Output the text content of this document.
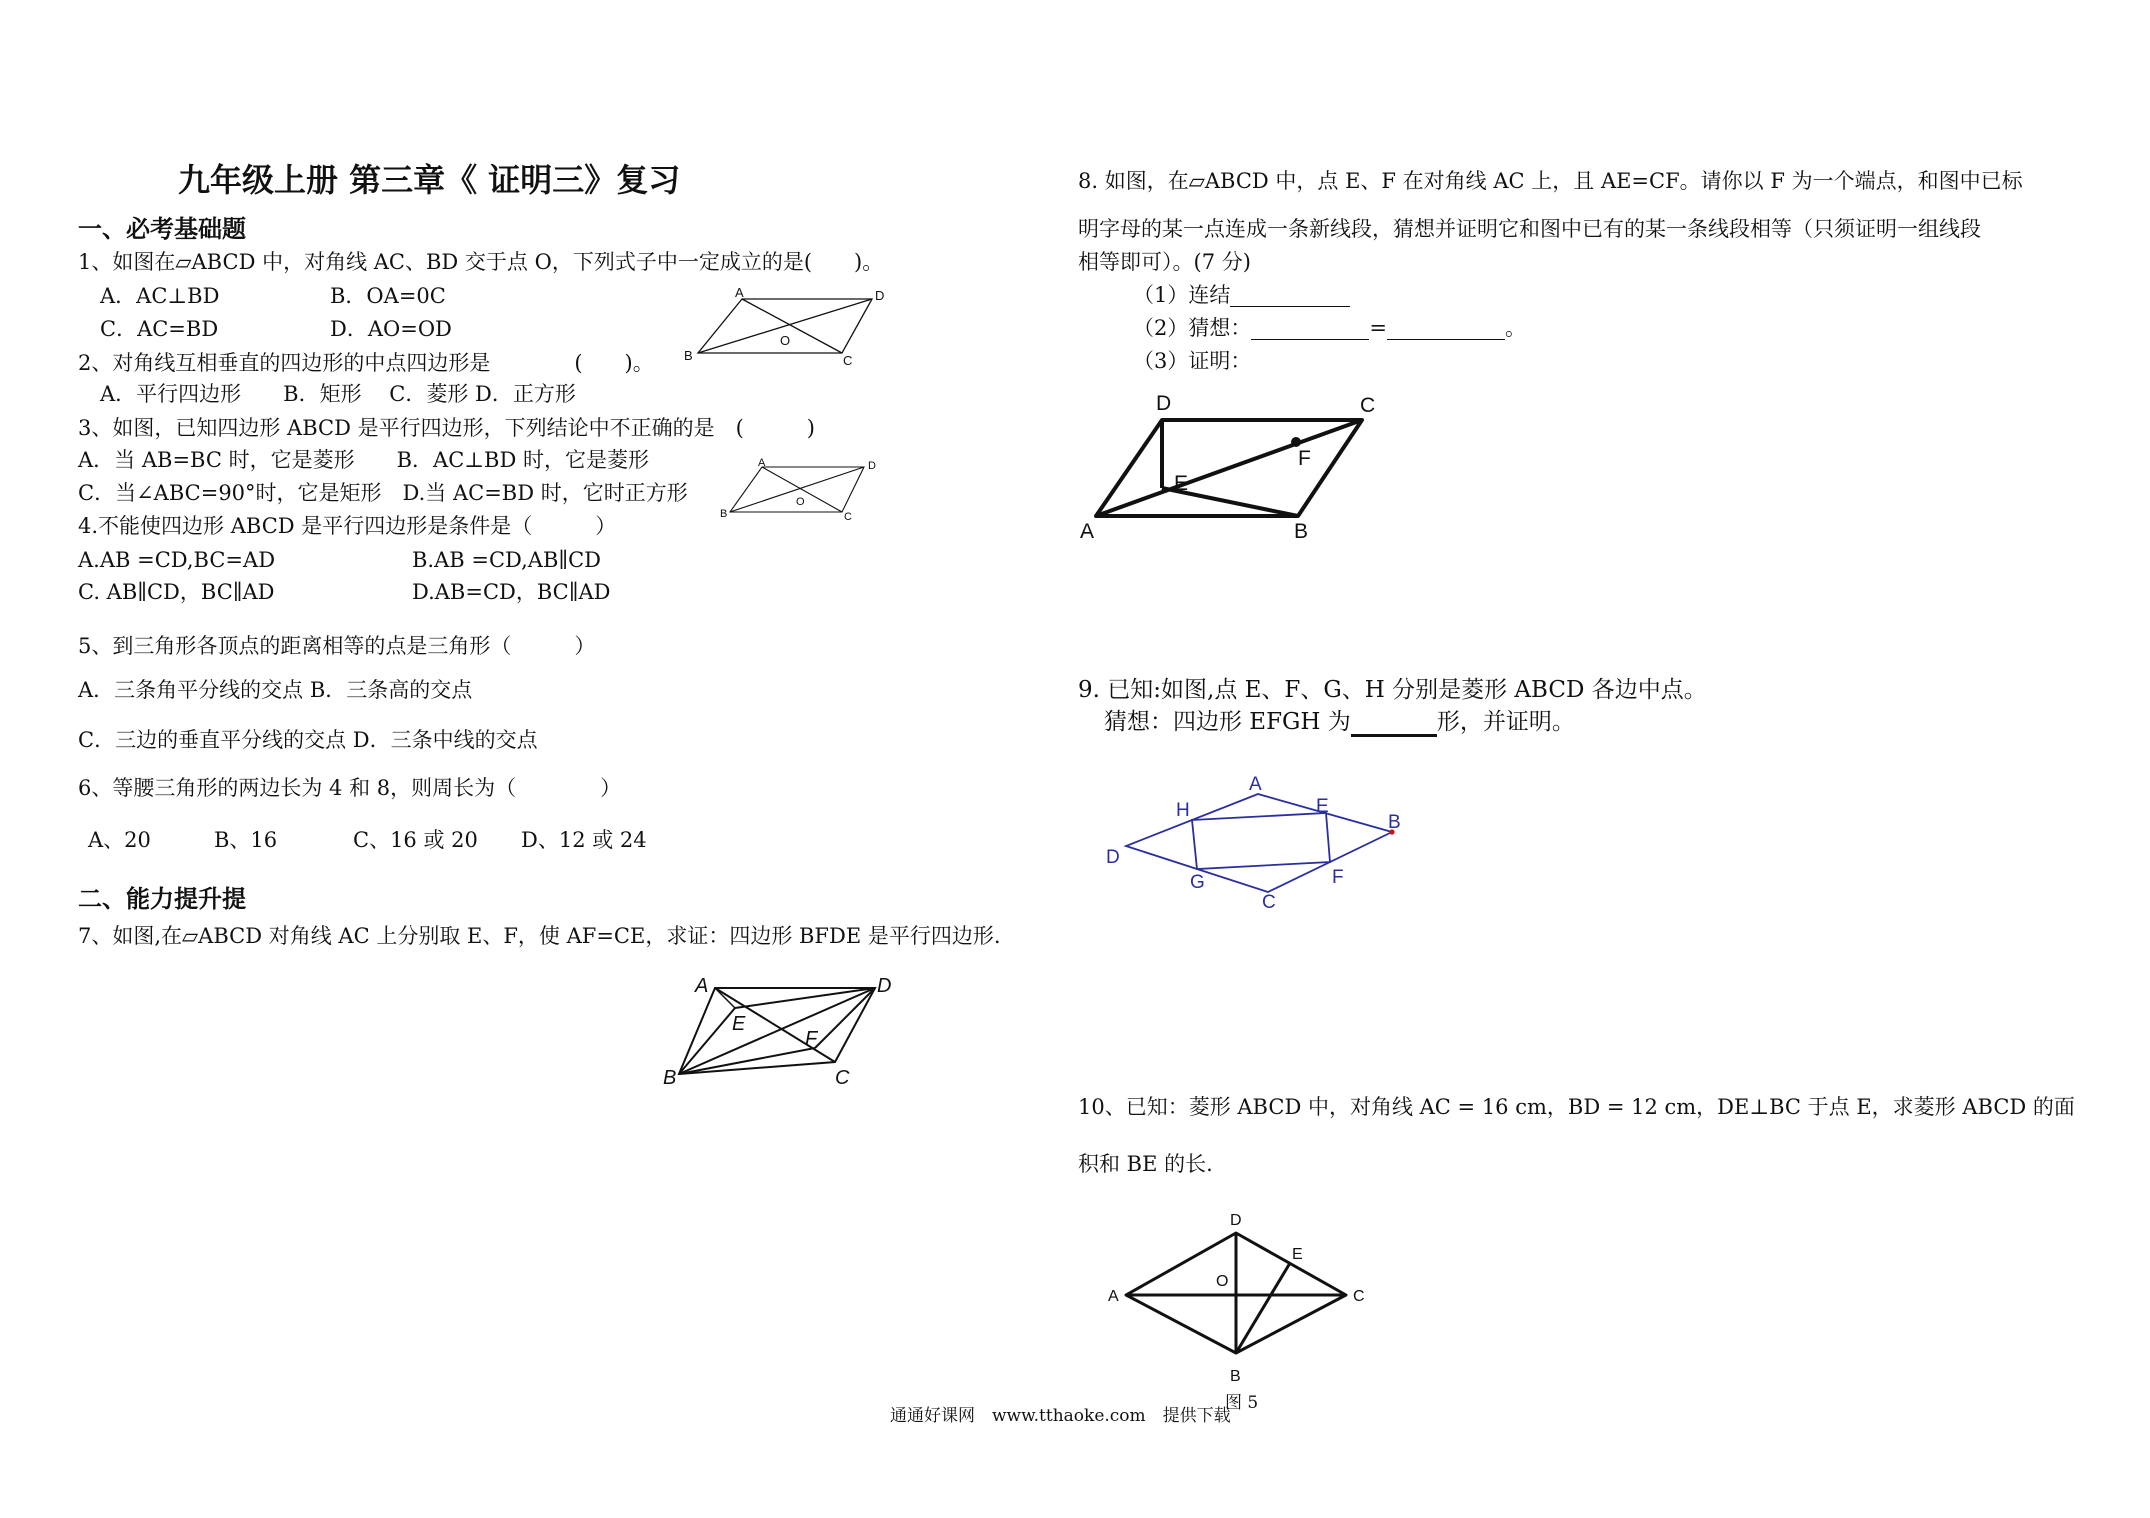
九年级上册 第三章《 证明三》复习
一、必考基础题
1、如图在▱ABCD 中，对角线 AC、BD 交于点 O，下列式子中一定成立的是(　　)。
A．AC⊥BD	B．OA=0C
C．AC=BD	D．AO=OD
A	D
B	C
O
2、对角线互相垂直的四边形的中点四边形是　　　　(　　)。
A．平行四边形　　B．矩形　 C．菱形 D．正方形
3、如图，已知四边形 ABCD 是平行四边形，下列结论中不正确的是　(　　　)
A．当 AB=BC 时，它是菱形　　B．AC⊥BD 时，它是菱形
C．当∠ABC=90°时，它是矩形　D.当 AC=BD 时，它时正方形
A	D
B	C
O
4.不能使四边形 ABCD 是平行四边形是条件是（　　　）
A.AB =CD,BC=AD	B.AB =CD,AB∥CD
C. AB∥CD，BC∥AD	D.AB=CD，BC∥AD
5、到三角形各顶点的距离相等的点是三角形（　　　）
A．三条角平分线的交点 B．三条高的交点
C．三边的垂直平分线的交点 D．三条中线的交点
6、等腰三角形的两边长为 4 和 8，则周长为（　　　　）
A、20	B、16	C、16 或 20 D、12 或 24
二、能力提升提
7、如图,在▱ABCD 对角线 AC 上分别取 E、F，使 AF=CE，求证：四边形 BFDE 是平行四边形.
A	D
E
F
B	C
8. 如图，在▱ABCD 中，点 E、F 在对角线 AC 上，且 AE=CF。请你以 F 为一个端点，和图中已标
明字母的某一点连成一条新线段，猜想并证明它和图中已有的某一条线段相等（只须证明一组线段
相等即可）。(7 分)
（1）连结
（2）猜想：	=	。
（3）证明：
D	C
F
E
A	B
9. 已知:如图,点 E、F、G、H 分别是菱形 ABCD 各边中点。
猜想：四边形 EFGH 为	形，并证明。
A
E
H
B
D
G	F
C
10、已知：菱形 ABCD 中，对角线 AC = 16 cm，BD = 12 cm，DE⊥BC 于点 E，求菱形 ABCD 的面
积和 BE 的长.
D
E
O
A	C
B
图 5
通通好课网　www.tthaoke.com　提供下载
